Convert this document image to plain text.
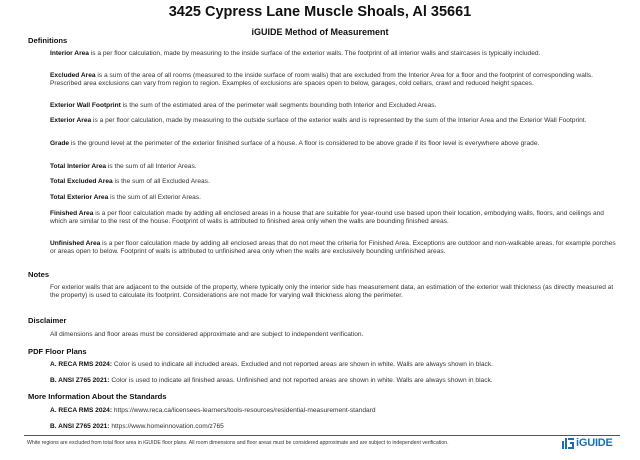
3425 Cypress Lane Muscle Shoals, Al 35661
iGUIDE Method of Measurement
Definitions
Interior Area is a per floor calculation, made by measuring to the inside surface of the exterior walls. The footprint of all interior walls and staircases is typically included.
Excluded Area is a sum of the area of all rooms (measured to the inside surface of room walls) that are excluded from the Interior Area for a floor and the footprint of corresponding walls. Prescribed area exclusions can vary from region to region. Examples of exclusions are spaces open to below, garages, cold cellars, crawl and reduced height spaces.
Exterior Wall Footprint is the sum of the estimated area of the perimeter wall segments bounding both Interior and Excluded Areas.
Exterior Area is a per floor calculation, made by measuring to the outside surface of the exterior walls and is represented by the sum of the Interior Area and the Exterior Wall Footprint.
Grade is the ground level at the perimeter of the exterior finished surface of a house. A floor is considered to be above grade if its floor level is everywhere above grade.
Total Interior Area is the sum of all Interior Areas.
Total Excluded Area is the sum of all Excluded Areas.
Total Exterior Area is the sum of all Exterior Areas.
Finished Area is a per floor calculation made by adding all enclosed areas in a house that are suitable for year-round use based upon their location, embodying walls, floors, and ceilings and which are similar to the rest of the house. Footprint of walls is attributed to finished area only when the walls are bounding finished areas.
Unfinished Area is a per floor calculation made by adding all enclosed areas that do not meet the criteria for Finished Area. Exceptions are outdoor and non-walkable areas, for example porches or areas open to below. Footprint of walls is attributed to unfinished area only when the walls are exclusively bounding unfinished areas.
Notes
For exterior walls that are adjacent to the outside of the property, where typically only the interior side has measurement data, an estimation of the exterior wall thickness (as directly measured at the property) is used to calculate its footprint. Considerations are not made for varying wall thickness along the perimeter.
Disclaimer
All dimensions and floor areas must be considered approximate and are subject to independent verification.
PDF Floor Plans
A. RECA RMS 2024: Color is used to indicate all included areas. Excluded and not reported areas are shown in white. Walls are always shown in black.
B. ANSI Z765 2021: Color is used to indicate all finished areas. Unfinished and not reported areas are shown in white. Walls are always shown in black.
More Information About the Standards
A. RECA RMS 2024: https://www.reca.ca/licensees-learners/tools-resources/residential-measurement-standard
B. ANSI Z765 2021: https://www.homeinnovation.com/z765
White regions are excluded from total floor area in iGUIDE floor plans. All room dimensions and floor areas must be considered approximate and are subject to independent verification.	iGUIDE
